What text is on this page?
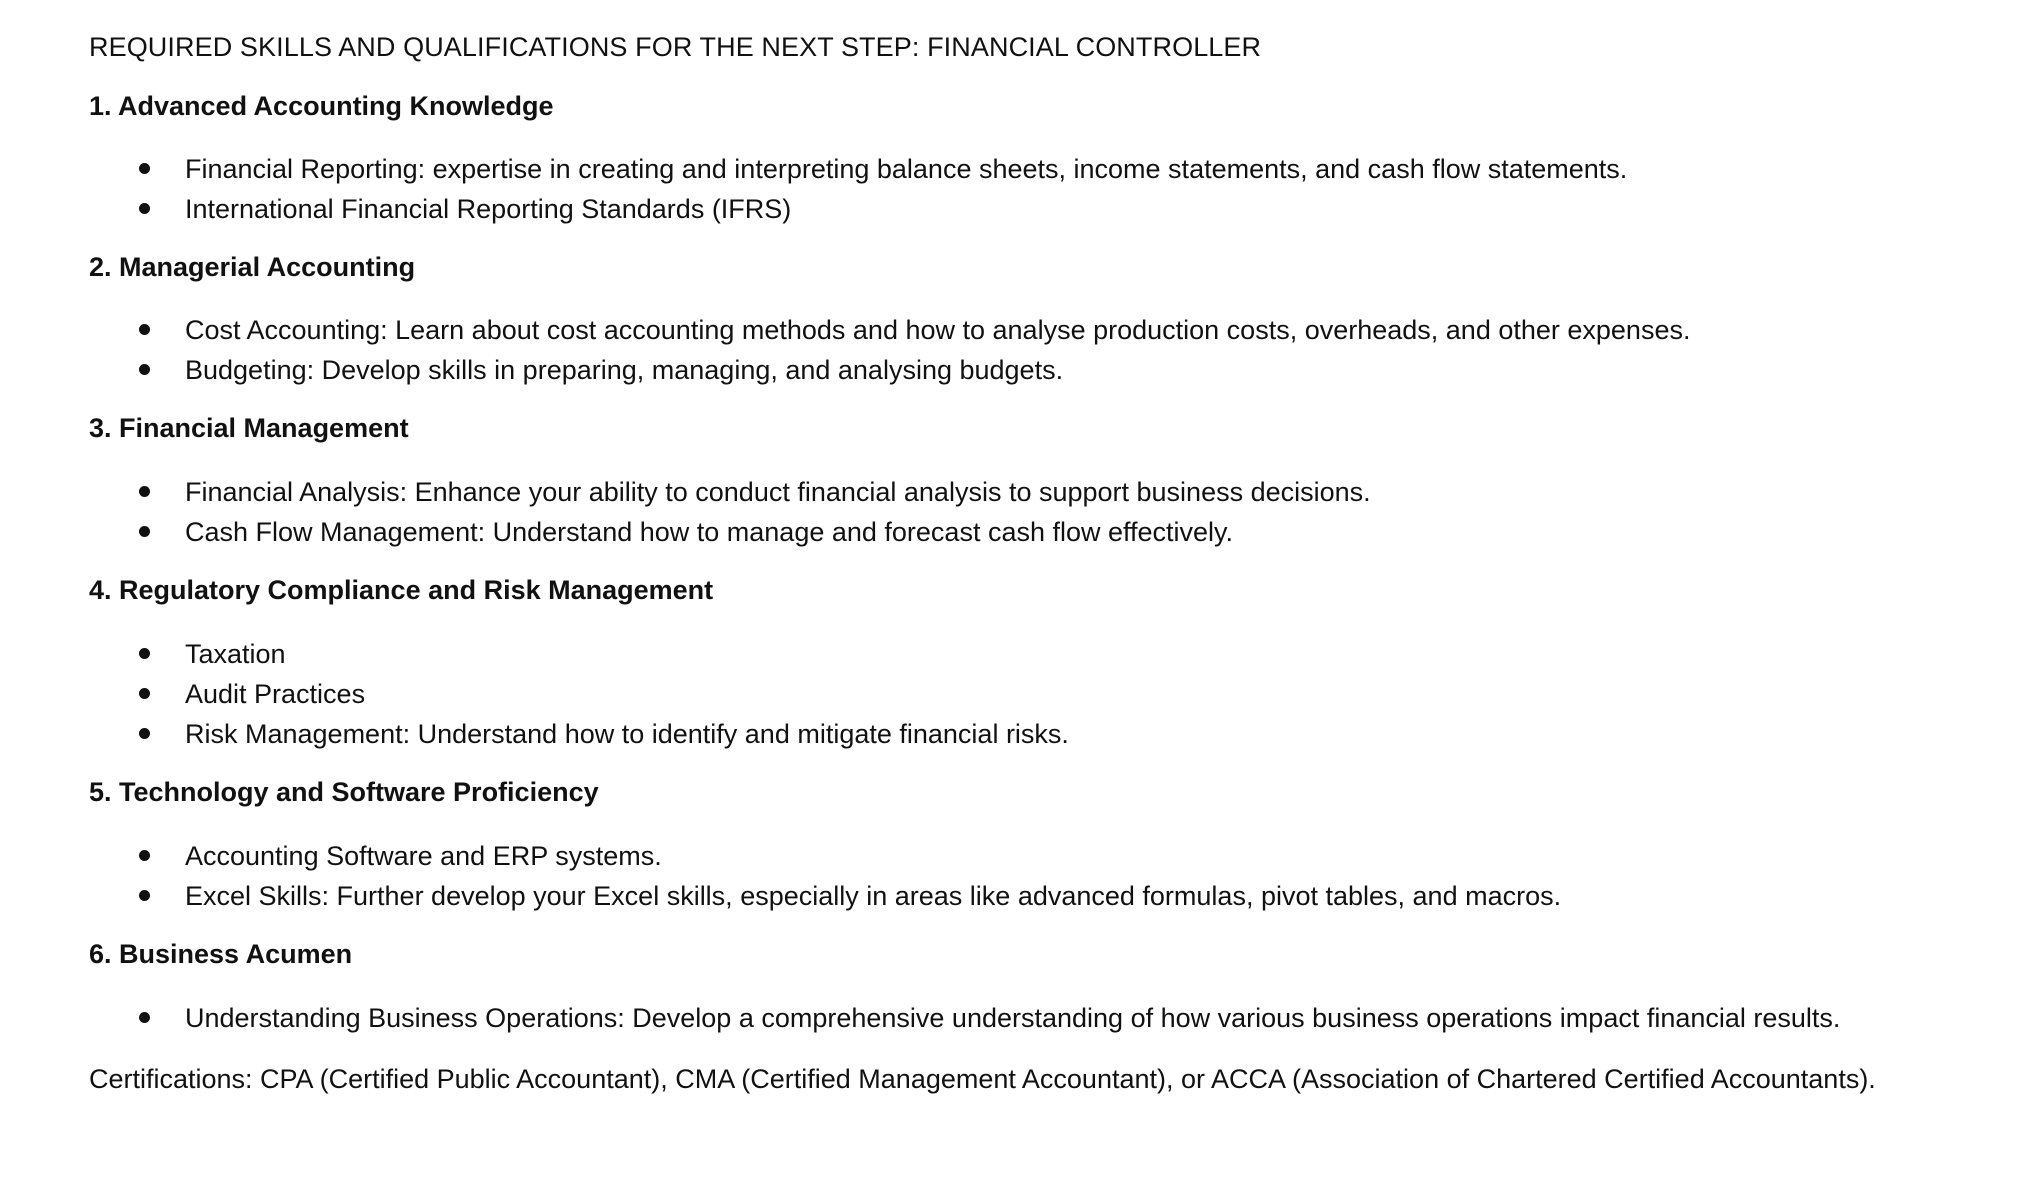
REQUIRED SKILLS AND QUALIFICATIONS FOR THE NEXT STEP: FINANCIAL CONTROLLER
1. Advanced Accounting Knowledge
Financial Reporting: expertise in creating and interpreting balance sheets, income statements, and cash flow statements.
International Financial Reporting Standards (IFRS)
2. Managerial Accounting
Cost Accounting: Learn about cost accounting methods and how to analyse production costs, overheads, and other expenses.
Budgeting: Develop skills in preparing, managing, and analysing budgets.
3. Financial Management
Financial Analysis: Enhance your ability to conduct financial analysis to support business decisions.
Cash Flow Management: Understand how to manage and forecast cash flow effectively.
4. Regulatory Compliance and Risk Management
Taxation
Audit Practices
Risk Management: Understand how to identify and mitigate financial risks.
5. Technology and Software Proficiency
Accounting Software and ERP systems.
Excel Skills: Further develop your Excel skills, especially in areas like advanced formulas, pivot tables, and macros.
6. Business Acumen
Understanding Business Operations: Develop a comprehensive understanding of how various business operations impact financial results.
Certifications: CPA (Certified Public Accountant), CMA (Certified Management Accountant), or ACCA (Association of Chartered Certified Accountants).
